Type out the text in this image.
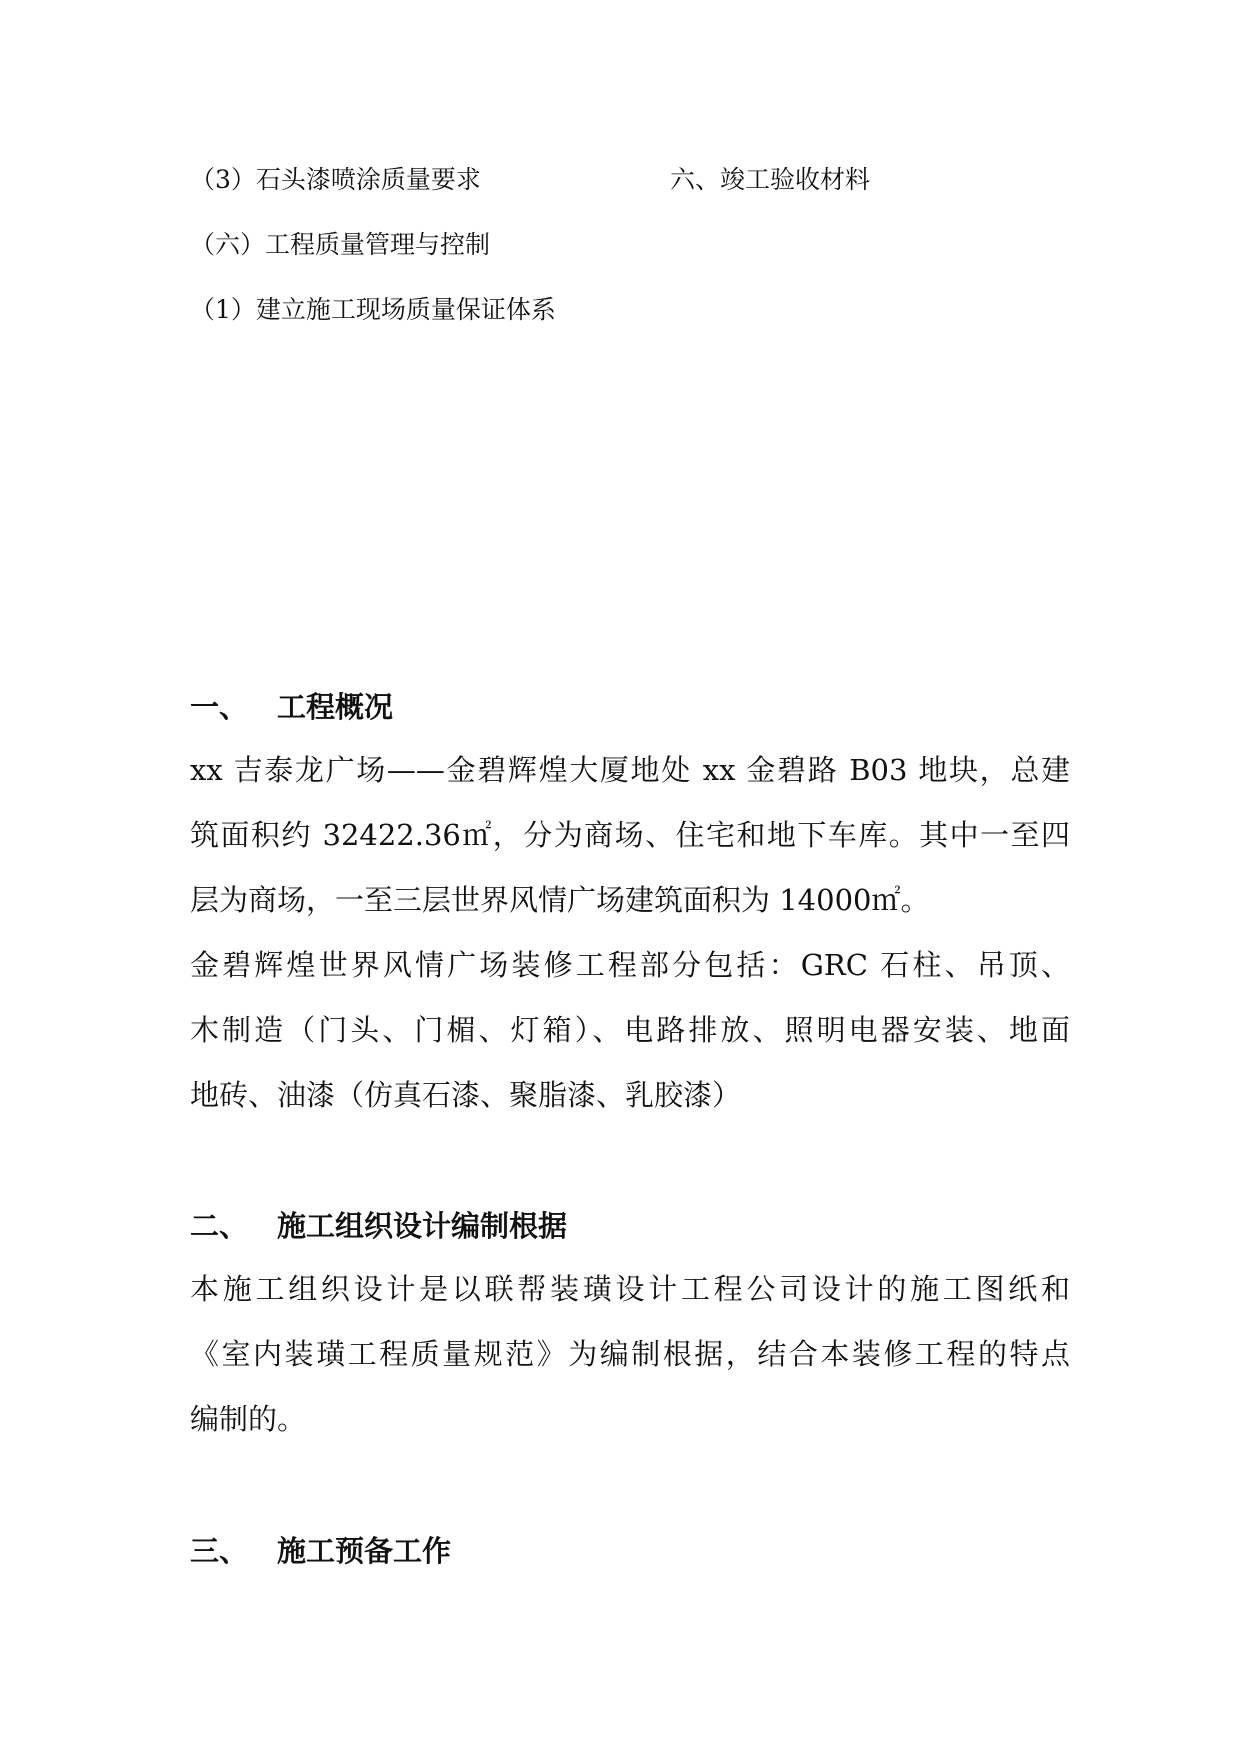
（3）石头漆喷涂质量要求	六、竣工验收材料
（六）工程质量管理与控制
（1）建立施工现场质量保证体系
一、 工程概况
xx 吉泰龙广场——金碧辉煌大厦地处 xx 金碧路 B03 地块，总建
筑面积约 32422.36㎡，分为商场、住宅和地下车库。其中一至四
层为商场，一至三层世界风情广场建筑面积为 14000㎡。
金碧辉煌世界风情广场装修工程部分包括：GRC 石柱、吊顶、
木制造（门头、门楣、灯箱）、电路排放、照明电器安装、地面
地砖、油漆（仿真石漆、聚脂漆、乳胶漆）
二、 施工组织设计编制根据
本施工组织设计是以联帮装璜设计工程公司设计的施工图纸和
《室内装璜工程质量规范》为编制根据，结合本装修工程的特点
编制的。
三、 施工预备工作
